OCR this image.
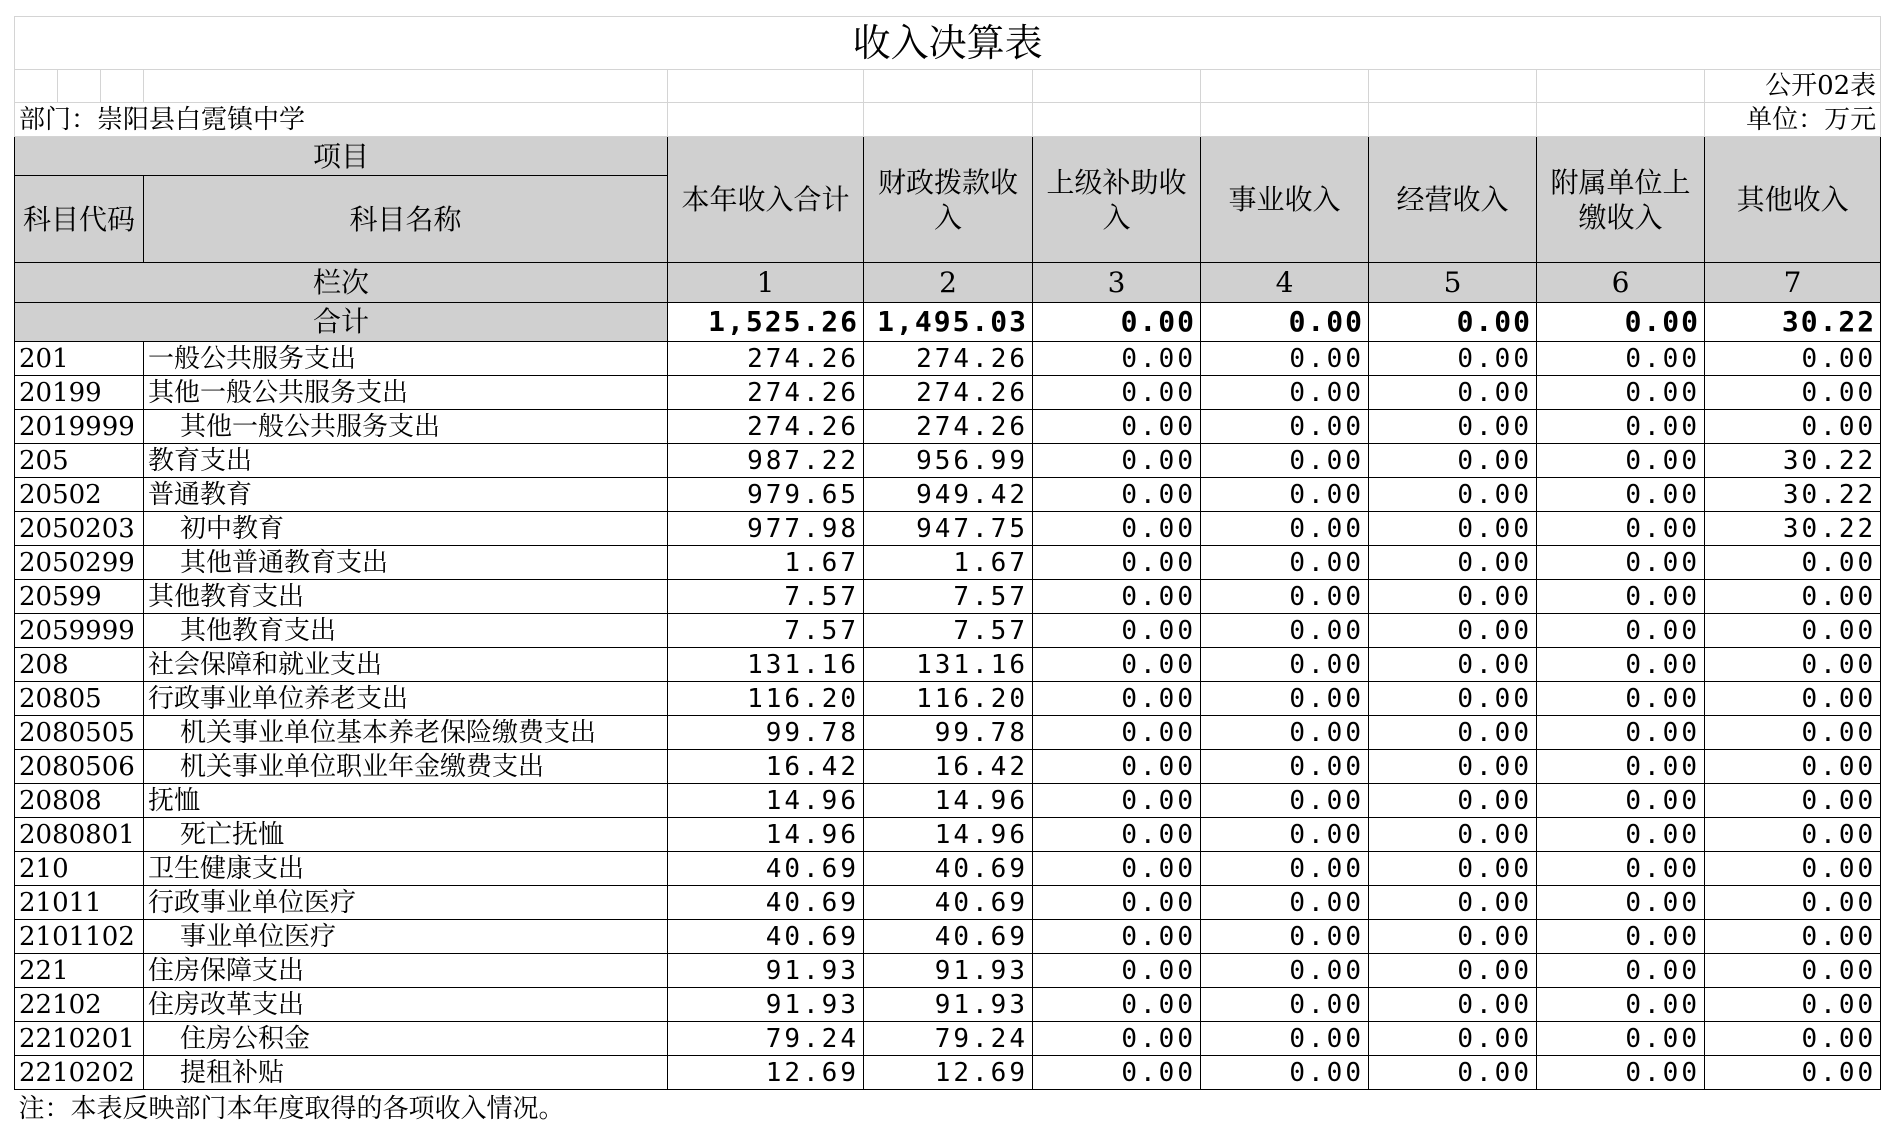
收入决算表										
										公开02表
部门：崇阳县白霓镇中学										单位：万元
项目				本年收入合计	财政拨款收入	上级补助收入	事业收入	经营收入	附属单位上缴收入	其他收入
科目代码			科目名称							
栏次				1	2	3	4	5	6	7
合计				1,525.26	1,495.03	0.00	0.00	0.00	0.00	30.22
201			一般公共服务支出	274.26	274.26	0.00	0.00	0.00	0.00	0.00
20199			其他一般公共服务支出	274.26	274.26	0.00	0.00	0.00	0.00	0.00
2019999			其他一般公共服务支出	274.26	274.26	0.00	0.00	0.00	0.00	0.00
205			教育支出	987.22	956.99	0.00	0.00	0.00	0.00	30.22
20502			普通教育	979.65	949.42	0.00	0.00	0.00	0.00	30.22
2050203			初中教育	977.98	947.75	0.00	0.00	0.00	0.00	30.22
2050299			其他普通教育支出	1.67	1.67	0.00	0.00	0.00	0.00	0.00
20599			其他教育支出	7.57	7.57	0.00	0.00	0.00	0.00	0.00
2059999			其他教育支出	7.57	7.57	0.00	0.00	0.00	0.00	0.00
208			社会保障和就业支出	131.16	131.16	0.00	0.00	0.00	0.00	0.00
20805			行政事业单位养老支出	116.20	116.20	0.00	0.00	0.00	0.00	0.00
2080505			机关事业单位基本养老保险缴费支出	99.78	99.78	0.00	0.00	0.00	0.00	0.00
2080506			机关事业单位职业年金缴费支出	16.42	16.42	0.00	0.00	0.00	0.00	0.00
20808			抚恤	14.96	14.96	0.00	0.00	0.00	0.00	0.00
2080801			死亡抚恤	14.96	14.96	0.00	0.00	0.00	0.00	0.00
210			卫生健康支出	40.69	40.69	0.00	0.00	0.00	0.00	0.00
21011			行政事业单位医疗	40.69	40.69	0.00	0.00	0.00	0.00	0.00
2101102			事业单位医疗	40.69	40.69	0.00	0.00	0.00	0.00	0.00
221			住房保障支出	91.93	91.93	0.00	0.00	0.00	0.00	0.00
22102			住房改革支出	91.93	91.93	0.00	0.00	0.00	0.00	0.00
2210201			住房公积金	79.24	79.24	0.00	0.00	0.00	0.00	0.00
2210202			提租补贴	12.69	12.69	0.00	0.00	0.00	0.00	0.00
注：本表反映部门本年度取得的各项收入情况。										
